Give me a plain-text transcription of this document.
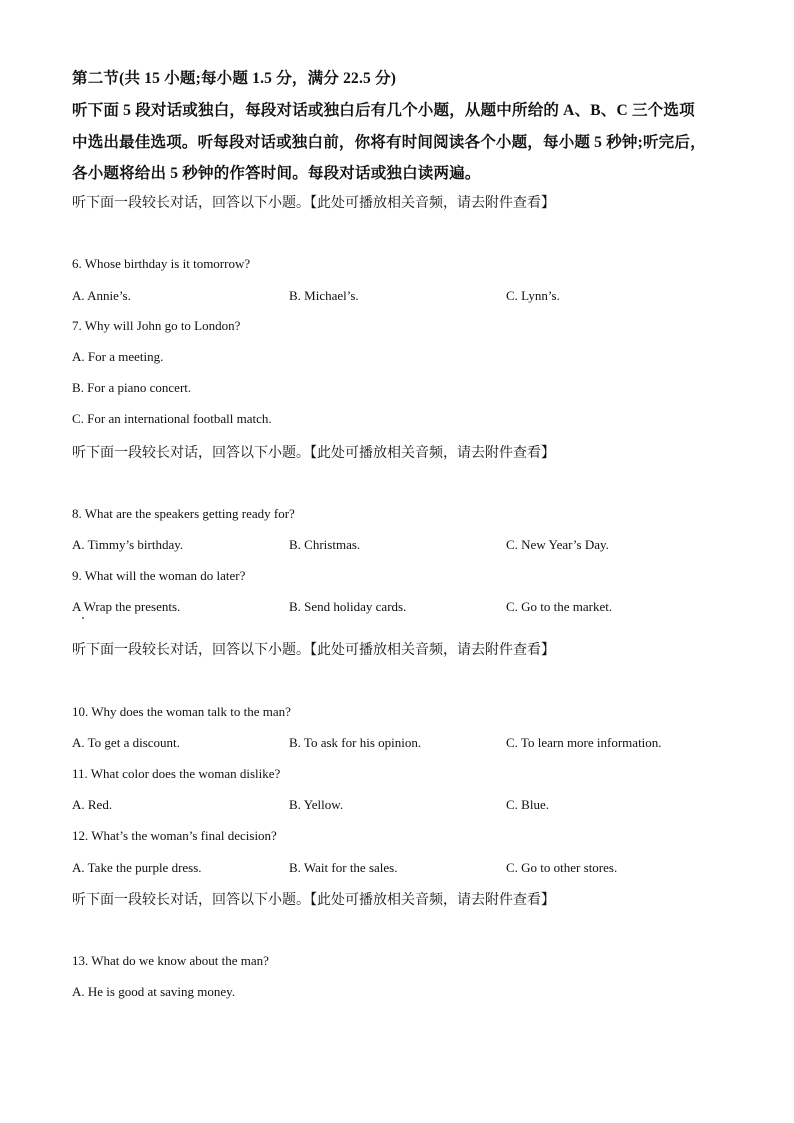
第二节(共 15 小题;每小题 1.5 分，满分 22.5 分)
听下面 5 段对话或独白，每段对话或独白后有几个小题，从题中所给的 A、B、C 三个选项
中选出最佳选项。听每段对话或独白前，你将有时间阅读各个小题，每小题 5 秒钟;听完后，
各小题将给出 5 秒钟的作答时间。每段对话或独白读两遍。
听下面一段较长对话，回答以下小题。【此处可播放相关音频，请去附件查看】
6. Whose birthday is it tomorrow?
A. Annie’s.	B. Michael’s.	C. Lynn’s.
7. Why will John go to London?
A. For a meeting.
B. For a piano concert.
C. For an international football match.
听下面一段较长对话，回答以下小题。【此处可播放相关音频，请去附件查看】
8. What are the speakers getting ready for?
A. Timmy’s birthday.	B. Christmas.	C. New Year’s Day.
9. What will the woman do later?
A Wrap the presents.	B. Send holiday cards.	C. Go to the market.
听下面一段较长对话，回答以下小题。【此处可播放相关音频，请去附件查看】
10. Why does the woman talk to the man?
A. To get a discount.	B. To ask for his opinion.	C. To learn more information.
11. What color does the woman dislike?
A. Red.	B. Yellow.	C. Blue.
12. What’s the woman’s final decision?
A. Take the purple dress.	B. Wait for the sales.	C. Go to other stores.
听下面一段较长对话，回答以下小题。【此处可播放相关音频，请去附件查看】
13. What do we know about the man?
A. He is good at saving money.
